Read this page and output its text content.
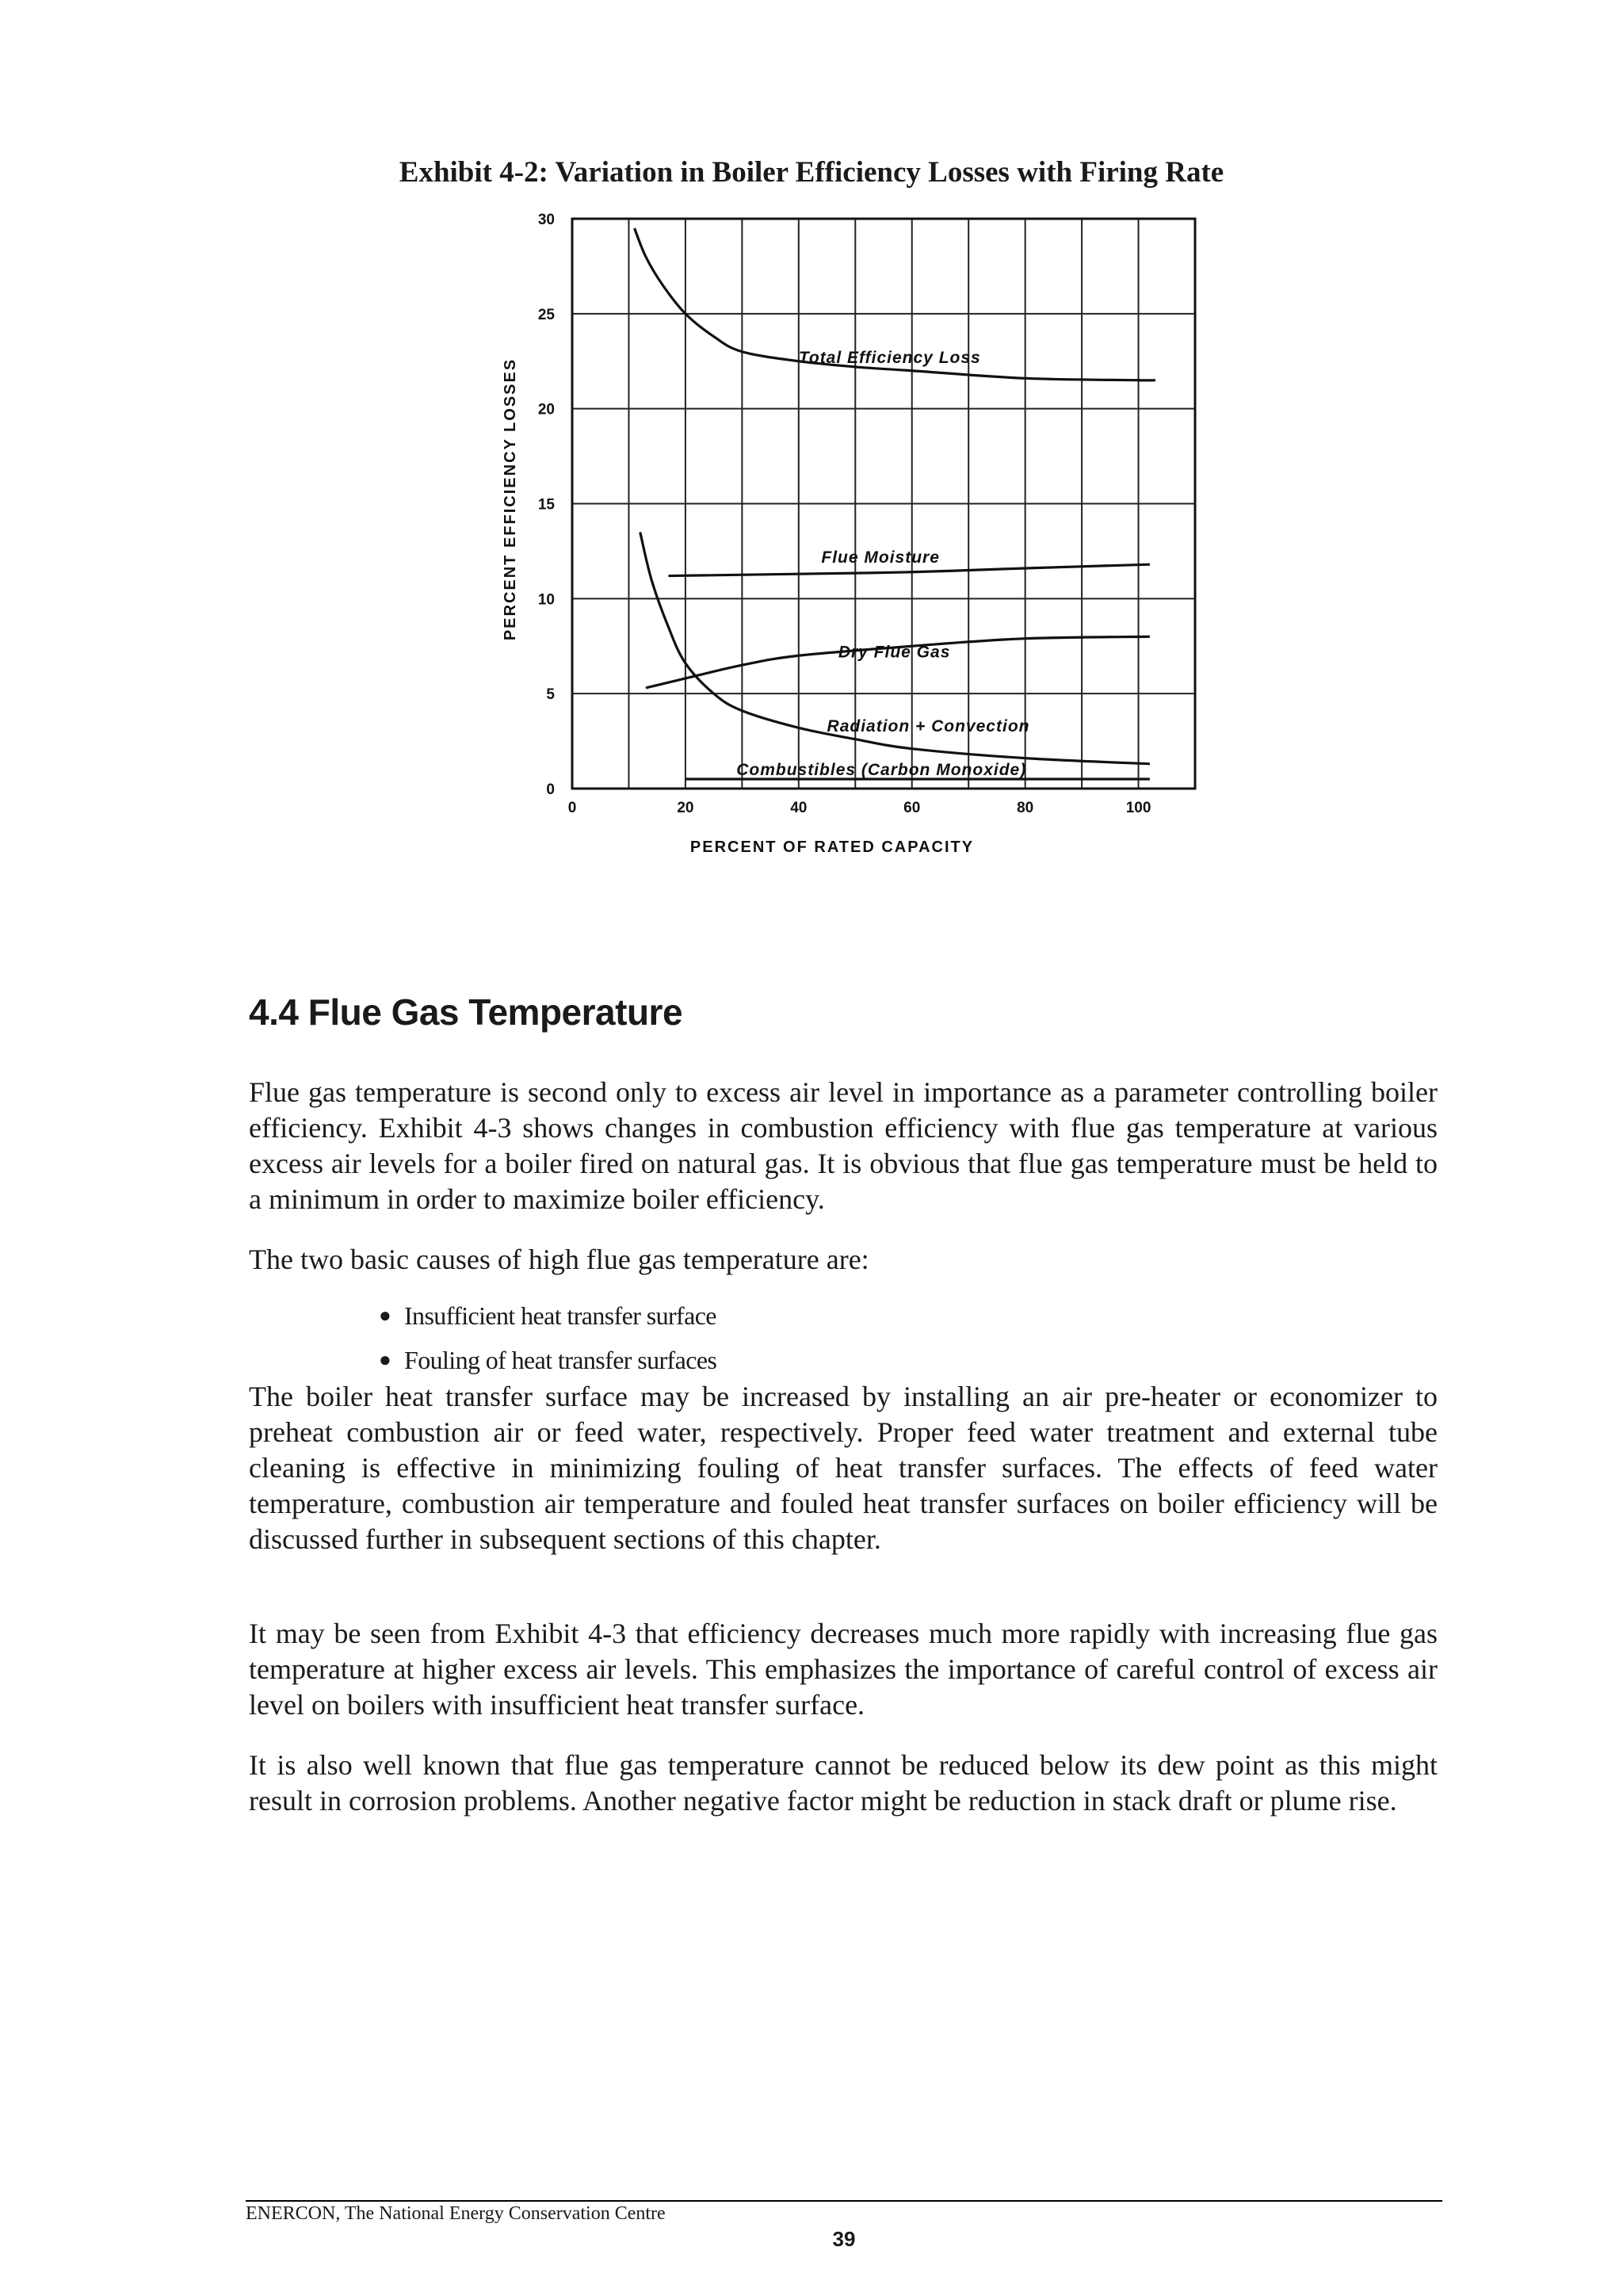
Exhibit 4-2: Variation in Boiler Efficiency Losses with Firing Rate
0	20	40	60	80	100
0
5
10
15
20
25
30
Total Efficiency Loss
Flue Moisture
Dry Flue Gas
Radiation + Convection
Combustibles (Carbon Monoxide)
PERCENT EFFICIENCY LOSSES
PERCENT OF RATED CAPACITY
4.4 Flue Gas Temperature

Flue gas temperature is second only to excess air level in importance as a parameter controlling boiler efficiency. Exhibit 4-3 shows changes in combustion efficiency with flue gas temperature at various excess air levels for a boiler fired on natural gas. It is obvious that flue gas temperature must be held to a minimum in order to maximize boiler efficiency.

The two basic causes of high flue gas temperature are:

● Insufficient heat transfer surface
● Fouling of heat transfer surfaces

The boiler heat transfer surface may be increased by installing an air pre-heater or economizer to preheat combustion air or feed water, respectively. Proper feed water treatment and external tube cleaning is effective in minimizing fouling of heat transfer surfaces. The effects of feed water temperature, combustion air temperature and fouled heat transfer surfaces on boiler efficiency will be discussed further in subsequent sections of this chapter.

It may be seen from Exhibit 4-3 that efficiency decreases much more rapidly with increasing flue gas temperature at higher excess air levels. This emphasizes the importance of careful control of excess air level on boilers with insufficient heat transfer surface.

It is also well known that flue gas temperature cannot be reduced below its dew point as this might result in corrosion problems. Another negative factor might be reduction in stack draft or plume rise.

ENERCON, The National Energy Conservation Centre
39
